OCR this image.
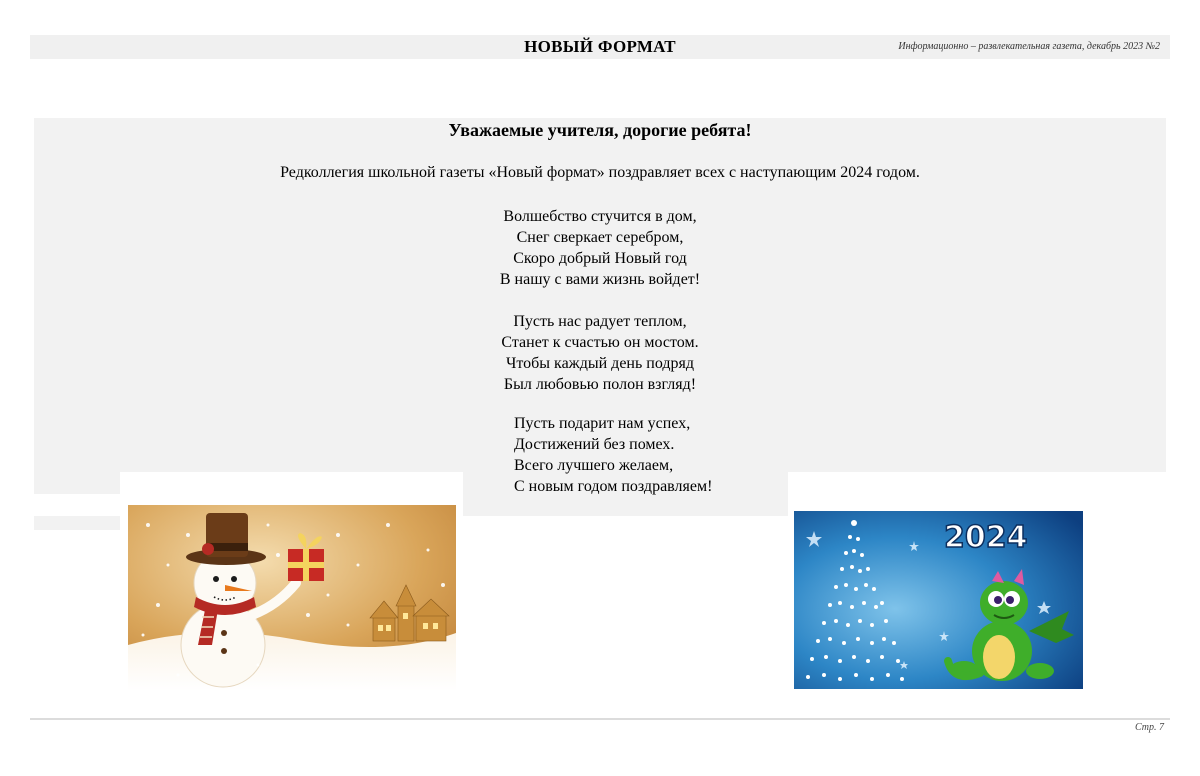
НОВЫЙ ФОРМАТ	Информационно – развлекательная газета, декабрь 2023 №2
Уважаемые учителя, дорогие ребята!
Редколлегия школьной газеты «Новый формат» поздравляет всех с наступающим 2024 годом.
Волшебство стучится в дом,
Снег сверкает серебром,
Скоро добрый Новый год
В нашу с вами жизнь войдет!
Пусть нас радует теплом,
Станет к счастью он мостом.
Чтобы каждый день подряд
Был любовью полон взгляд!
Пусть подарит нам успех,
Достижений без помех.
Всего лучшего желаем,
С новым годом поздравляем!
2024
Стр. 7
